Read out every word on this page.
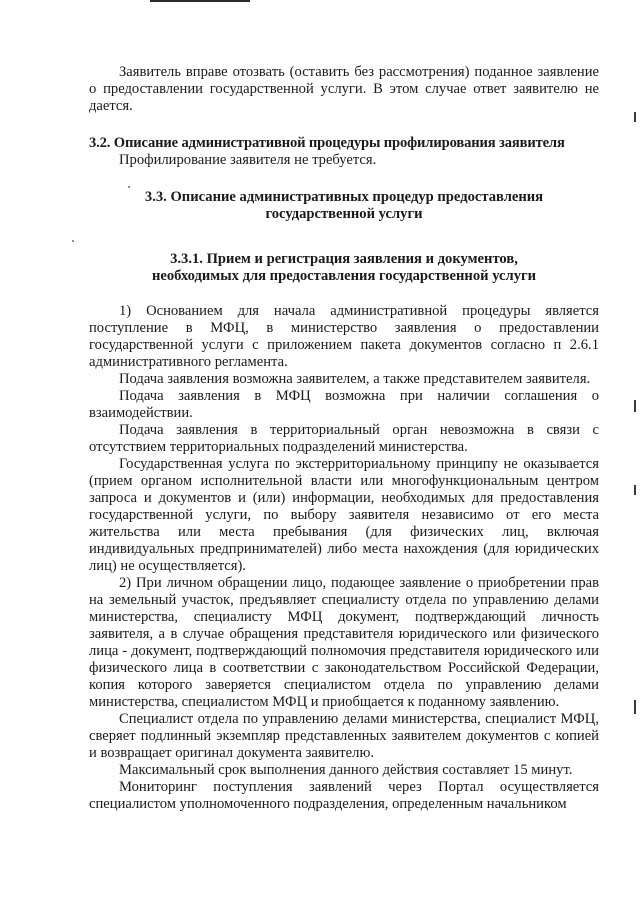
Заявитель вправе отозвать (оставить без рассмотрения) поданное заявление о предоставлении государственной услуги. В этом случае ответ заявителю не дается.

3.2. Описание административной процедуры профилирования заявителя

Профилирование заявителя не требуется.

3.3. Описание административных процедур предоставления
государственной услуги
3.3.1. Прием и регистрация заявления и документов,
необходимых для предоставления государственной услуги

1) Основанием для начала административной процедуры является поступление в МФЦ, в министерство заявления о предоставлении государственной услуги с приложением пакета документов согласно п 2.6.1 административного регламента.

Подача заявления возможна заявителем, а также представителем заявителя.

Подача заявления в МФЦ возможна при наличии соглашения о взаимодействии.

Подача заявления в территориальный орган невозможна в связи с отсутствием территориальных подразделений министерства.

Государственная услуга по экстерриториальному принципу не оказывается (прием органом исполнительной власти или многофункциональным центром запроса и документов и (или) информации, необходимых для предоставления государственной услуги, по выбору заявителя независимо от его места жительства или места пребывания (для физических лиц, включая индивидуальных предпринимателей) либо места нахождения (для юридических лиц) не осуществляется).

2) При личном обращении лицо, подающее заявление о приобретении прав на земельный участок, предъявляет специалисту отдела по управлению делами министерства, специалисту МФЦ документ, подтверждающий личность заявителя, а в случае обращения представителя юридического или физического лица - документ, подтверждающий полномочия представителя юридического или физического лица в соответствии с законодательством Российской Федерации, копия которого заверяется специалистом отдела по управлению делами министерства, специалистом МФЦ и приобщается к поданному заявлению.

Специалист отдела по управлению делами министерства, специалист МФЦ, сверяет подлинный экземпляр представленных заявителем документов с копией и возвращает оригинал документа заявителю.

Максимальный срок выполнения данного действия составляет 15 минут.

Мониторинг поступления заявлений через Портал осуществляется специалистом уполномоченного подразделения, определенным начальником
